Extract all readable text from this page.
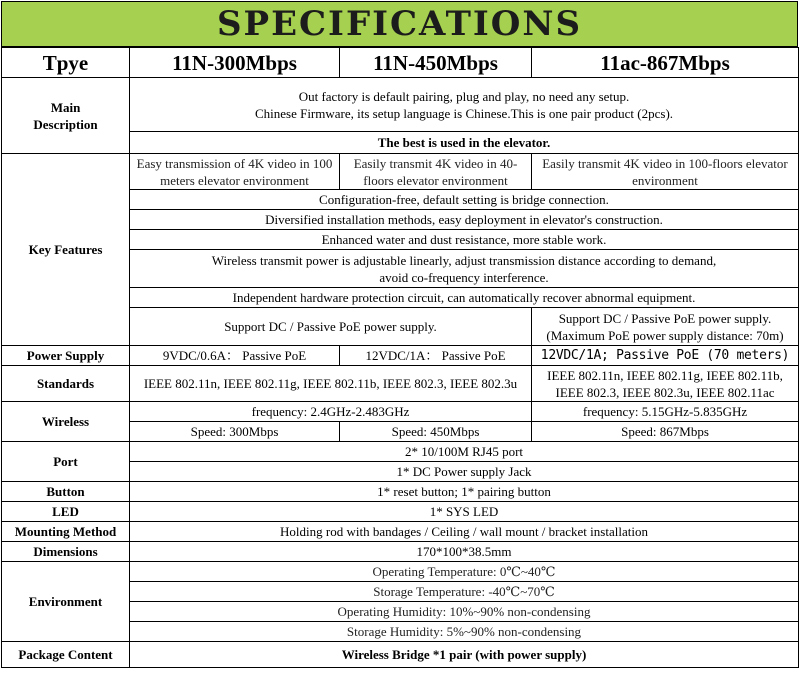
SPECIFICATIONS
Tpye	11N-300Mbps	11N-450Mbps	11ac-867Mbps
Main
Description	Out factory is default pairing, plug and play, no need any setup.
Chinese Firmware, its setup language is Chinese.This is one pair product (2pcs).		
	The best is used in the elevator.		
Key Features	Easy transmission of 4K video in 100 meters elevator environment	Easily transmit 4K video in 40-floors elevator environment	Easily transmit 4K video in 100-floors elevator environment
	Configuration-free, default setting is bridge connection.		
	Diversified installation methods, easy deployment in elevator's construction.		
	Enhanced water and dust resistance, more stable work.		
	Wireless transmit power is adjustable linearly, adjust transmission distance according to demand,
avoid co-frequency interference.		
	Independent hardware protection circuit, can automatically recover abnormal equipment.		
	Support DC / Passive PoE power supply.		Support DC / Passive PoE power supply.
(Maximum PoE power supply distance: 70m)
Power Supply	9VDC/0.6A： Passive PoE	12VDC/1A： Passive PoE	12VDC/1A; Passive PoE (70 meters)
Standards	IEEE 802.11n, IEEE 802.11g, IEEE 802.11b, IEEE 802.3, IEEE 802.3u		IEEE 802.11n, IEEE 802.11g, IEEE 802.11b, IEEE 802.3, IEEE 802.3u, IEEE 802.11ac
Wireless	frequency: 2.4GHz-2.483GHz		frequency: 5.15GHz-5.835GHz
	Speed: 300Mbps	Speed: 450Mbps	Speed: 867Mbps
Port	2* 10/100M RJ45 port		
	1* DC Power supply Jack		
Button	1* reset button; 1* pairing button		
LED	1* SYS LED		
Mounting Method	Holding rod with bandages / Ceiling / wall mount / bracket installation		
Dimensions	170*100*38.5mm		
Environment	Operating Temperature: 0℃~40℃		
	Storage Temperature: -40℃~70℃		
	Operating Humidity: 10%~90% non-condensing		
	Storage Humidity: 5%~90% non-condensing		
Package Content	Wireless Bridge *1 pair (with power supply)		
